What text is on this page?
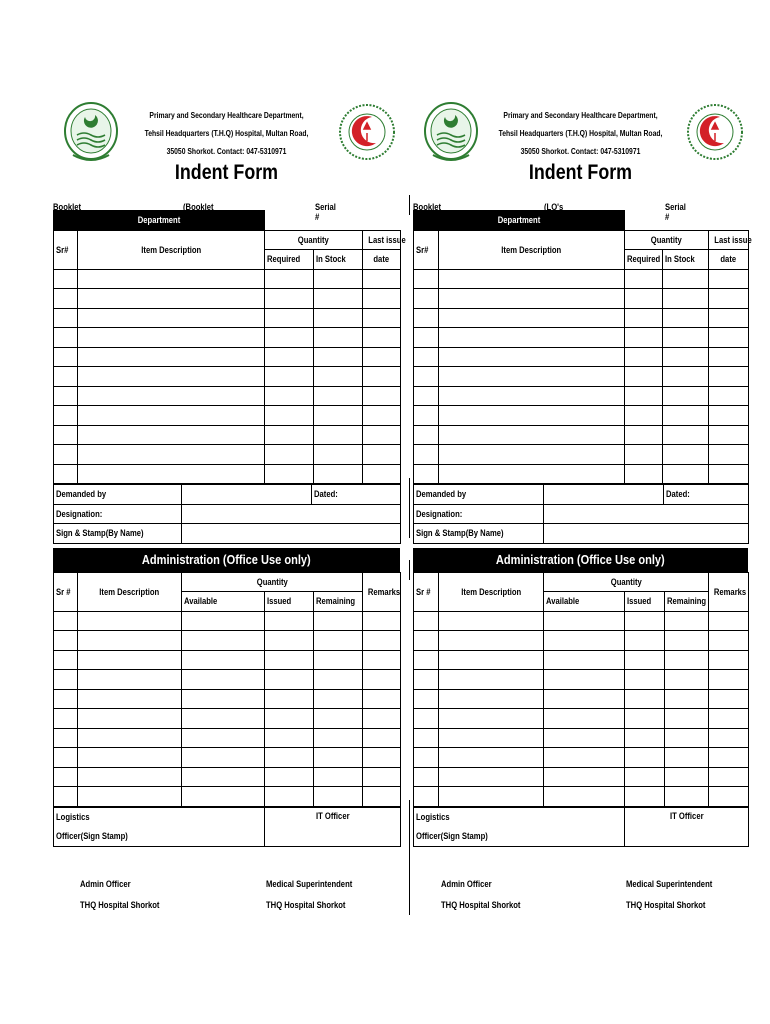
Primary and Secondary Healthcare Department,
Tehsil Headquarters (T.H.Q) Hospital, Multan Road,
35050 Shorkot. Contact: 047-5310971
Indent Form
Booklet #
(Booklet Copy)
Serial #
Department				
Sr#	Item Description	Quantity		Last issue
		Required	In Stock	date

Demanded by		Dated:
Designation:		
Sign & Stamp(By Name)		
Administration (Office Use only)
Sr #	Item Description	Quantity			Remarks
		Available	Issued	Remaining	

Logistics
Officer(Sign Stamp)	IT Officer
Primary and Secondary Healthcare Department,
Tehsil Headquarters (T.H.Q) Hospital, Multan Road,
35050 Shorkot. Contact: 047-5310971
Indent Form
Booklet #
(LO's Copy)
Serial #
Department				
Sr#	Item Description	Quantity		Last issue
		Required	In Stock	date

Demanded by		Dated:
Designation:		
Sign & Stamp(By Name)		
Administration (Office Use only)
Sr #	Item Description	Quantity			Remarks
		Available	Issued	Remaining	

Logistics
Officer(Sign Stamp)	IT Officer
Admin Officer
THQ Hospital Shorkot
Medical Superintendent
THQ Hospital Shorkot
Admin Officer
THQ Hospital Shorkot
Medical Superintendent
THQ Hospital Shorkot
